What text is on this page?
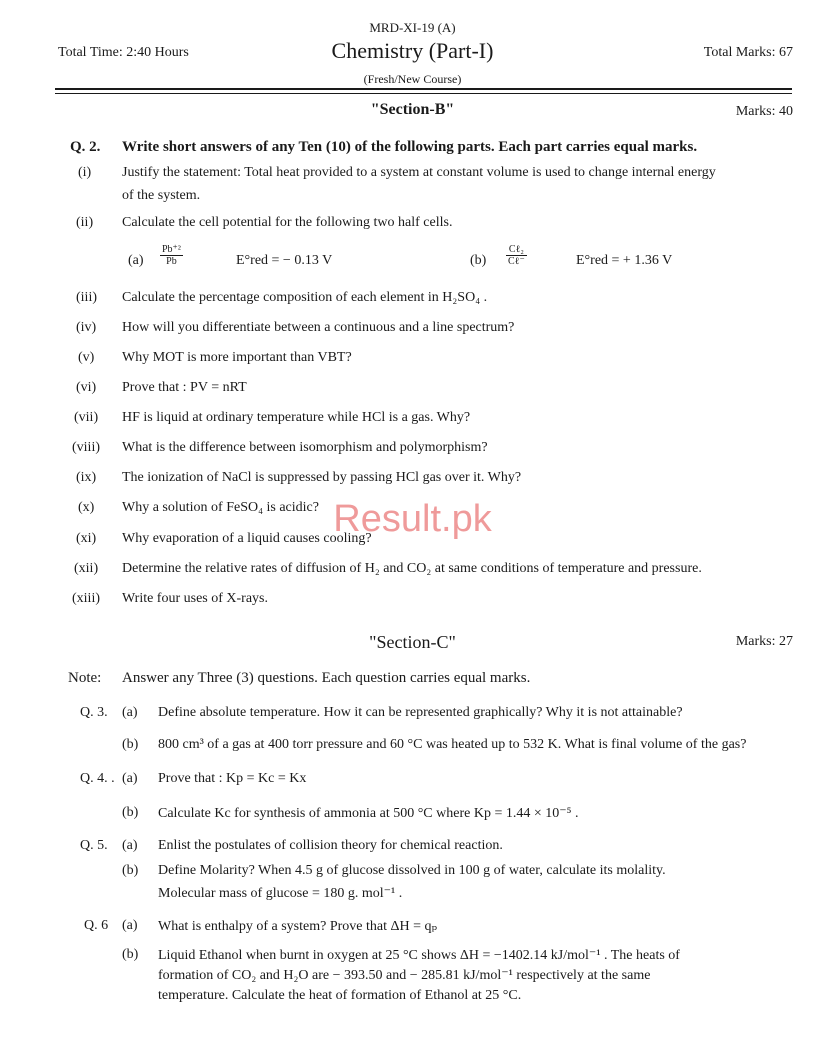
MRD-XI-19 (A)
Total Time: 2:40 Hours	Chemistry (Part-I)	Total Marks: 67
(Fresh/New Course)
"Section-B"	Marks: 40
Q. 2. Write short answers of any Ten (10) of the following parts. Each part carries equal marks.
(i) Justify the statement: Total heat provided to a system at constant volume is used to change internal energy
of the system.
(ii) Calculate the cell potential for the following two half cells.
$(a) \frac{\text{Pb⁺²}}{Pb}$	E°red = − 0.13 V	$(b) \frac{\text{Cℓ₂}}{\text{Cℓ⁻}}$	E°red = + 1.36 V
(iii) Calculate the percentage composition of each element in H₂SO₄ .
(iv) How will you differentiate between a continuous and a line spectrum?
(v) Why MOT is more important than VBT?
(vi) Prove that : PV = nRT
(vii) HF is liquid at ordinary temperature while HCl is a gas. Why?
(viii) What is the difference between isomorphism and polymorphism?
(ix) The ionization of NaCl is suppressed by passing HCl gas over it. Why?
(x) Why a solution of FeSO₄ is acidic?
(xi) Why evaporation of a liquid causes cooling?
(xii) Determine the relative rates of diffusion of H₂ and CO₂ at same conditions of temperature and pressure.
(xiii) Write four uses of X-rays.
Result.pk
"Section-C"	Marks: 27
Note: Answer any Three (3) questions. Each question carries equal marks.
Q. 3. (a) Define absolute temperature. How it can be represented graphically? Why it is not attainable?
(b) 800 cm³ of a gas at 400 torr pressure and 60 °C was heated up to 532 K. What is final volume of the gas?
Q. 4. . (a) Prove that : Kp = Kc = Kx
(b) Calculate Kc for synthesis of ammonia at 500 °C where Kp = 1.44 × 10⁻⁵ .
Q. 5. (a) Enlist the postulates of collision theory for chemical reaction.
(b) Define Molarity? When 4.5 g of glucose dissolved in 100 g of water, calculate its molality.
Molecular mass of glucose = 180 g. mol⁻¹ .
Q. 6 (a) What is enthalpy of a system? Prove that ΔH = qₚ
(b) Liquid Ethanol when burnt in oxygen at 25 °C shows ΔH = −1402.14 kJ/mol⁻¹ . The heats of
formation of CO₂ and H₂O are − 393.50 and − 285.81 kJ/mol⁻¹ respectively at the same
temperature. Calculate the heat of formation of Ethanol at 25 °C.
